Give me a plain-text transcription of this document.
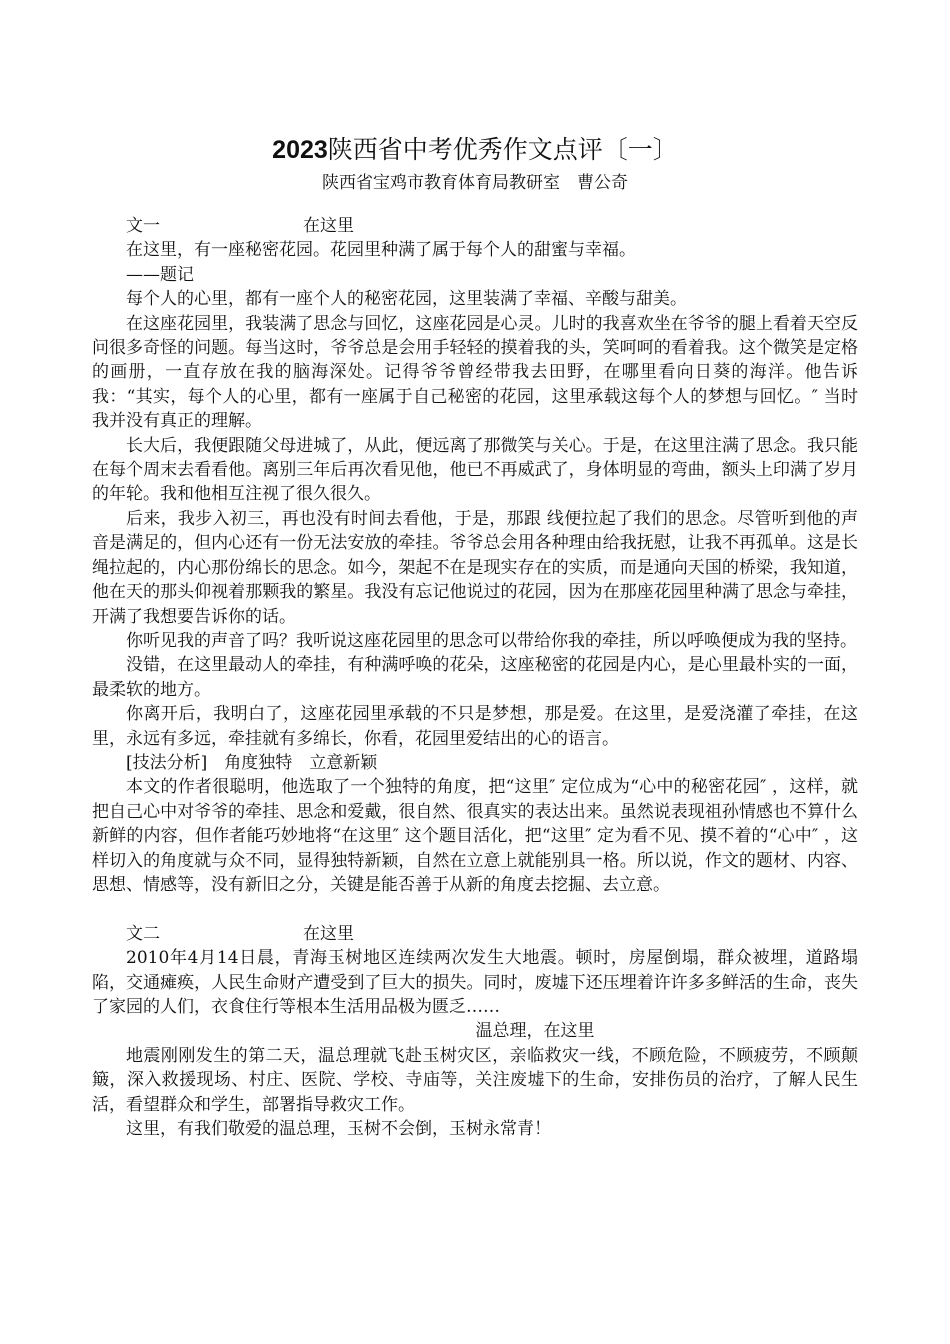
2023陕西省中考优秀作文点评〔一〕
陕西省宝鸡市教育体育局教研室　曹公奇

文一	在这里

在这里，有一座秘密花园。花园里种满了属于每个人的甜蜜与幸福。

——题记

每个人的心里，都有一座个人的秘密花园，这里装满了幸福、辛酸与甜美。

在这座花园里，我装满了思念与回忆，这座花园是心灵。儿时的我喜欢坐在爷爷的腿上看着天空反问很多奇怪的问题。每当这时，爷爷总是会用手轻轻的摸着我的头，笑呵呵的看着我。这个微笑是定格的画册，一直存放在我的脑海深处。记得爷爷曾经带我去田野，在哪里看向日葵的海洋。他告诉我：“其实，每个人的心里，都有一座属于自己秘密的花园，这里承载这每个人的梦想与回忆。″ 当时我并没有真正的理解。

长大后，我便跟随父母进城了，从此，便远离了那微笑与关心。于是，在这里注满了思念。我只能在每个周末去看看他。离别三年后再次看见他，他已不再威武了，身体明显的弯曲，额头上印满了岁月的年轮。我和他相互注视了很久很久。

后来，我步入初三，再也没有时间去看他，于是，那跟 线便拉起了我们的思念。尽管听到他的声音是满足的，但内心还有一份无法安放的牵挂。爷爷总会用各种理由给我抚慰，让我不再孤单。这是长绳拉起的，内心那份绵长的思念。如今，架起不在是现实存在的实质，而是通向天国的桥梁，我知道，他在天的那头仰视着那颗我的繁星。我没有忘记他说过的花园，因为在那座花园里种满了思念与牵挂，开满了我想要告诉你的话。

你听见我的声音了吗？我听说这座花园里的思念可以带给你我的牵挂，所以呼唤便成为我的坚持。

没错，在这里最动人的牵挂，有种满呼唤的花朵，这座秘密的花园是内心，是心里最朴实的一面，最柔软的地方。

你离开后，我明白了，这座花园里承载的不只是梦想，那是爱。在这里，是爱浇灌了牵挂，在这里，永远有多远，牵挂就有多绵长，你看，花园里爱结出的心的语言。

[技法分析]　角度独特　立意新颖

本文的作者很聪明，他选取了一个独特的角度，把“这里″ 定位成为“心中的秘密花园″ ，这样，就把自己心中对爷爷的牵挂、思念和爱戴，很自然、很真实的表达出来。虽然说表现祖孙情感也不算什么新鲜的内容，但作者能巧妙地将“在这里″ 这个题目活化，把“这里″ 定为看不见、摸不着的“心中″ ，这样切入的角度就与众不同，显得独特新颖，自然在立意上就能别具一格。所以说，作文的题材、内容、思想、情感等，没有新旧之分，关键是能否善于从新的角度去挖掘、去立意。

文二	在这里

2010年4月14日晨，青海玉树地区连续两次发生大地震。顿时，房屋倒塌，群众被埋，道路塌陷，交通瘫痪，人民生命财产遭受到了巨大的损失。同时，废墟下还压埋着许许多多鲜活的生命，丧失了家园的人们，衣食住行等根本生活用品极为匮乏……

温总理，在这里

地震刚刚发生的第二天，温总理就飞赴玉树灾区，亲临救灾一线，不顾危险，不顾疲劳，不顾颠簸，深入救援现场、村庄、医院、学校、寺庙等，关注废墟下的生命，安排伤员的治疗，了解人民生活，看望群众和学生，部署指导救灾工作。

这里，有我们敬爱的温总理，玉树不会倒，玉树永常青！
